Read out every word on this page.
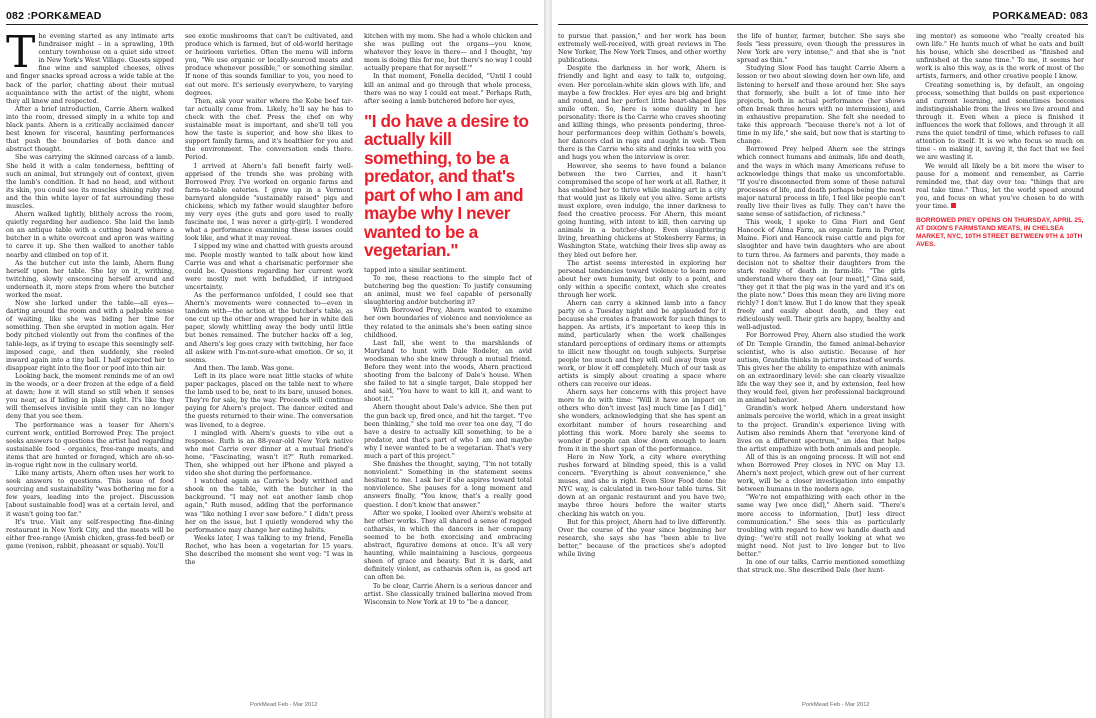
082 :PORK&MEAD

The evening started as any intimate arts fundraiser might – in a sprawling, 19th century townhouse on a quiet side street in New York's West Village. Guests sipped fine wine and sampled cheeses, olives and finger snacks spread across a wide table at the back of the parlor, chatting about their mutual acquaintance with the artist of the night, whom they all knew and respected.

After a brief introduction, Carrie Ahern walked into the room, dressed simply in a white top and black pants. Ahern is a critically acclaimed dancer best known for visceral, haunting performances that push the boundaries of both dance and abstract thought.

She was carrying the skinned carcass of a lamb. She held it with a calm tenderness, befitting of such an animal, but strangely out of context, given the lamb's condition. It had no head, and without its skin, you could see its muscles shining ruby red and the thin white layer of fat surrounding those muscles.

Ahern walked lightly, blithely across the room, quietly regarding her audience. She laid the lamb on an antique table with a cutting board where a butcher in a white overcoat and apron was waiting to carve it up. She then walked to another table nearby and climbed on top of it.

As the butcher cut into the lamb, Ahern flung herself upon her table. She lay on it, writhing, twitching, slowly ensconcing herself around and underneath it, more steps from where the butcher worked the meat.

Now she lurked under the table—all eyes—darting around the room and with a palpable sense of waiting, like she was biding her time for something. Then she erupted in motion again. Her body pitched violently out from the confines of the table-legs, as if trying to escape this seemingly self-imposed cage, and then suddenly, she reeled inward again into a tiny ball. I half expected her to disappear right into the floor or poof into thin air.

Looking back, the moment reminds me of an owl in the woods, or a deer frozen at the edge of a field at dawn; how it will stand so still when it senses you near, as if hiding in plain sight. It's like they will themselves invisible until they can no longer deny that you see them.

The performance was a teaser for Ahern's current work, entitled Borrowed Prey. The project seeks answers to questions the artist had regarding sustainable food - organics, free-range meats, and items that are hunted or foraged, which are oh-so-in-vogue right now in the culinary world.

Like many artists, Ahern often uses her work to seek answers to questions. This issue of food sourcing and sustainability "was bothering me for a few years, leading into the project. Discussion [about sustainable food] was at a certain level, and it wasn't going too far."

It's true. Visit any self-respecting fine-dining restaurant in New York City, and the meats will be either free-range (Amish chicken, grass-fed beef) or game (venison, rabbit, pheasant or squab). You'll

see exotic mushrooms that can't be cultivated, and produce which is farmed, but of old-world heritage or heirloom varieties. Often the menu will inform you, "We use organic or locally-sourced meats and produce whenever possible," or something similar. If none of this sounds familiar to you, you need to eat out more. It's seriously everywhere, to varying degrees.

Then, ask your waiter where the Kobe beef tar-tar actually came from. Likely, he'll say he has to check with the chef. Press the chef on why sustainable meat is important, and she'll tell you how the taste is superior, and how she likes to support family farms, and it's healthier for you and the environment. The conversation ends there. Period.

I arrived at Ahern's fall benefit fairly well-apprised of the trends she was probing with Borrowed Prey. I've worked on organic farms and farm-to-table eateries. I grew up in a Vermont barnyard alongside "sustainably raised" pigs and chickens, which my father would slaughter before my very eyes (the guts and gore used to really fascinate me, I was never a girly-girl). I wondered what a performance examining these issues could look like, and what it may reveal.

I sipped my wine and chatted with guests around me. People mostly wanted to talk about how kind Carrie was and what a charismatic performer she could be. Questions regarding her current work were mostly met with befuddled, if intrigued uncertainty.

As the performance unfolded, I could see that Ahern's movements were connected to—even in tandem with—the action at the butcher's table, as one cut up the other and wrapped her in white deli paper, slowly whittling away the body until little but bones remained. The butcher hacks off a leg, and Ahern's leg goes crazy with twitching, her face all askew with I'm-not-sure-what emotion. Or so, it seems.

And then. The lamb. Was gone.

Left in its place were neat little stacks of white paper packages, placed on the table next to where the lamb used to be, next to its bare, unused bones. They're for sale, by the way. Proceeds will continue paying for Ahern's project. The dancer exited and the guests returned to their wine. The conversation was livened, to a degree.

I mingled with Ahern's guests to vibe out a response. Ruth is an 88-year-old New York native who met Carrie over dinner at a mutual friend's home. "Fascinating, wasn't it?" Ruth remarked. Then, she whipped out her iPhone and played a video she shot during the performance.

I watched again as Carrie's body writhed and shook on the table, with the butcher in the background. "I may not eat another lamb chop again," Ruth mused, adding that the performance was "like nothing I ever saw before." I didn't press her on the issue, but I quietly wondered why the performance may change her eating habits.

Weeks later, I was talking to my friend, Fenella Rochet, who has been a vegetarian for 15 years. She described the moment she went veg: "I was in the

kitchen with my mom. She had a whole chicken and she was pulling out the organs—you know, whatever they leave in there— and I thought, 'my mom is doing this for me, but there's no way I could actually prepare that for myself.'"

In that moment, Fenella decided, "Until I could kill an animal and go through that whole process, there was no way I could eat meat." Perhaps Ruth, after seeing a lamb butchered before her eyes,

"I do have a desire to actually kill something, to be a predator, and that's part of who I am and maybe why I never wanted to be a vegetarian."

tapped into a similar sentiment.

To me, these reactions to the simple fact of butchering beg the question: To justify consuming an animal, must we feel capable of personally slaughtering and/or butchering it?

With Borrowed Prey, Ahern wanted to examine her own boundaries of violence and nonviolence as they related to the animals she's been eating since childhood.

Last fall, she went to the marshlands of Maryland to hunt with Dale Rodeler, an avid woodsman who she knew through a mutual friend. Before they went into the woods, Ahern practiced shooting from the balcony of Dale's house. When she failed to hit a single target, Dale stopped her and said, "You have to want to kill it, and want to shoot it."

Ahern thought about Dale's advice. She then put the gun back up, fired once, and hit the target. "I've been thinking," she told me over tea one day, "I do have a desire to actually kill something, to be a predator, and that's part of who I am and maybe why I never wanted to be a vegetarian. That's very much a part of this project."

She finishes the thought, saying, "I'm not totally nonviolent." Something in the statement seems hesitant to me. I ask her if she aspires toward total nonviolence. She pauses for a long moment and answers finally, "You know, that's a really good question. I don't know that answer."

After we spoke, I looked over Ahern's website at her other works. They all shared a sense of ragged catharsis, in which the dancers in her company seemed to be both exorcising and embracing abstract, figurative demons at once. It's all very haunting, while maintaining a luscious, gorgeous sheen of grace and beauty. But it is dark, and definitely violent, as catharsis often is, as good art can often be.

To be clear, Carrie Ahern is a serious dancer and artist. She classically trained ballerina moved from Wisconsin to New York at 19 to "be a dancer,

PorkMead Feb - Mar 2012
PORK&MEAD: 083

to pursue that passion," and her work has been extremely well-received, with great reviews in The New Yorker, The New York Times, and other worthy publications.

Despite the darkness in her work, Ahern is friendly and light and easy to talk to, outgoing, even. Her porcelain-white skin glows with life, and maybe a few freckles. Her eyes are big and bright and round, and her perfect little heart-shaped lips smile often. So, here is some duality in her personality: there is the Carrie who craves shooting and killing things, who presents pondering, three-hour performances deep within Gotham's bowels, her dancers clad in rags and caught in web. Then there is the Carrie who sits and drinks tea with you and hugs you when the interview is over.

However, she seems to have found a balance between the two Carries, and it hasn't compromised the scope of her work at all. Rather, it has enabled her to thrive while making art in a city that would just as likely eat you alive. Some artists must explore, even indulge, the inner darkness to feed the creative process. For Ahern, this meant going hunting, with intent to kill, then carving up animals in a butcher-shop. Even slaughtering living, breathing chickens at Stokesberry Farms, in Washington State, watching their lives slip away as they bled out before her.

The artist seems interested in exploring her personal tendencies toward violence to learn more about her own humanity, but only to a point, and only within a specific context, which she creates through her work.

Ahern can carry a skinned lamb into a fancy party on a Tuesday night and be applauded for it because she creates a framework for such things to happen. As artists, it's important to keep this in mind, particularly when the work challenges standard perceptions of ordinary items or attempts to illicit new thought on tough subjects. Surprise people too much and they will coil away from your work, or blow it off completely. Much of our task as artists is simply about creating a space where others can receive our ideas.

Ahern says her concerns with this project have more to do with time: "Will it have an impact on others who don't invest [as] much time [as I did]," she wonders, acknowledging that she has spent an exorbitant number of hours researching and plotting this work. More barely she seems to wonder if people can slow down enough to learn from it in the short span of the performance.

Here in New York, a city where everything rushes forward at blinding speed, this is a valid concern. "Everything is about convenience," she muses, and she is right. Even Slow Food done the NYC way, is calculated in two-hour table turns. Sit down at an organic restaurant and you have two, maybe three hours before the waiter starts checking his watch on you.

But for this project, Ahern had to live differently. Over the course of the year since beginning her research, she says she has "been able to live better," because of the practices she's adopted while living

the life of hunter, farmer, butcher. She says she feels "less pressure, even though the pressures in New York are very intense," and that she is "not spread as thin."

Studying Slow Food has taught Carrie Ahern a lesson or two about slowing down her own life, and listening to herself and those around her. She says that formerly, she built a lot of time into her projects, both in actual performance (her shows often break three hours with no intermission), and in exhaustive preparation. She felt she needed to take this approach "because there's not a lot of time in my life," she said, but now that is starting to change.

Borrowed Prey helped Ahern see the strings which connect humans and animals, life and death, and the ways in which many Americans refuse to acknowledge things that make us uncomfortable. "If you're disconnected from some of these natural processes of life, and death perhaps being the most major natural process in life, I feel like people can't really live their lives as fully. They can't have the same sense of satisfaction, of richness."

This week, I spoke to Gina Fiori and Genf Hancock of Alma Farm, an organic farm in Porter, Maine. Fiori and Hancock raise cattle and pigs for slaughter and have twin daughters who are about to turn three. As farmers and parents, they made a decision not to shelter their daughters from the stark reality of death in farm-life. "The girls understand where they eat [our meat]," Gina said, "they get it that the pig was in the yard and it's on the plate now." Does this mean they are living more richly? I don't know. But I do know that they speak freely and easily about death, and they eat ridiculously well. Their girls are happy, healthy and well-adjusted.

For Borrowed Prey, Ahern also studied the work of Dr. Temple Grandin, the famed animal-behavior scientist, who is also autistic. Because of her autism, Grandin thinks in pictures instead of words. This gives her the ability to empathize with animals on an extraordinary level: she can clearly visualize life the way they see it, and by extension, feel how they would feel, given her professional background in animal behavior.

Grandin's work helped Ahern understand how animals perceive the world, which in a great insight to the project. Grandin's experience living with Autism also reminds Ahern that "everyone kind of lives on a different spectrum," an idea that helps the artist empathize with both animals and people.

All of this is an ongoing process. It will not end when Borrowed Prey closes in NYC on May 13. Ahern's next project, which grew out of her current work, will be a closer investigation into empathy between humans in the modern age.

"We're not empathizing with each other in the same way [we once did]," Ahern said. "There's more access to information, [but] less direct communication." She sees this as particularly troubling with regard to how we handle death and dying: "we're still not really looking at what we might need. Not just to live longer but to live better."

In one of our talks, Carrie mentioned something that struck me. She described Dale (her hunt-

ing mentor) as someone who "really created his own life." He hunts much of what he eats and built his house, which she described as "finished and unfinished at the same time." To me, it seems her work is also this way, as is the work of most of the artists, farmers, and other creative people I know.

Creating something is, by default, an ongoing process, something that builds on past experience and current learning, and sometimes becomes indistinguishable from the lives we live around and through it. Even when a piece is finished it influences the work that follows, and through it all runs the quiet tendril of time, which refuses to call attention to itself. It is we who focus so much on time – on making it, saving it, the fact that we feel we are wasting it.

We would all likely be a bit more the wiser to pause for a moment and remember, as Carrie reminded me, that day over tea: "things that are real take time." Thus, let the world speed around you, and focus on what you've chosen to do with your time.

BORROWED PREY OPENS ON THURSDAY, APRIL 25, AT DIXON'S FARMSTAND MEATS, IN CHELSEA MARKET, NYC, 10TH STREET BETWEEN 9TH & 10TH AVES.
PorkMead Feb - Mar 2012
